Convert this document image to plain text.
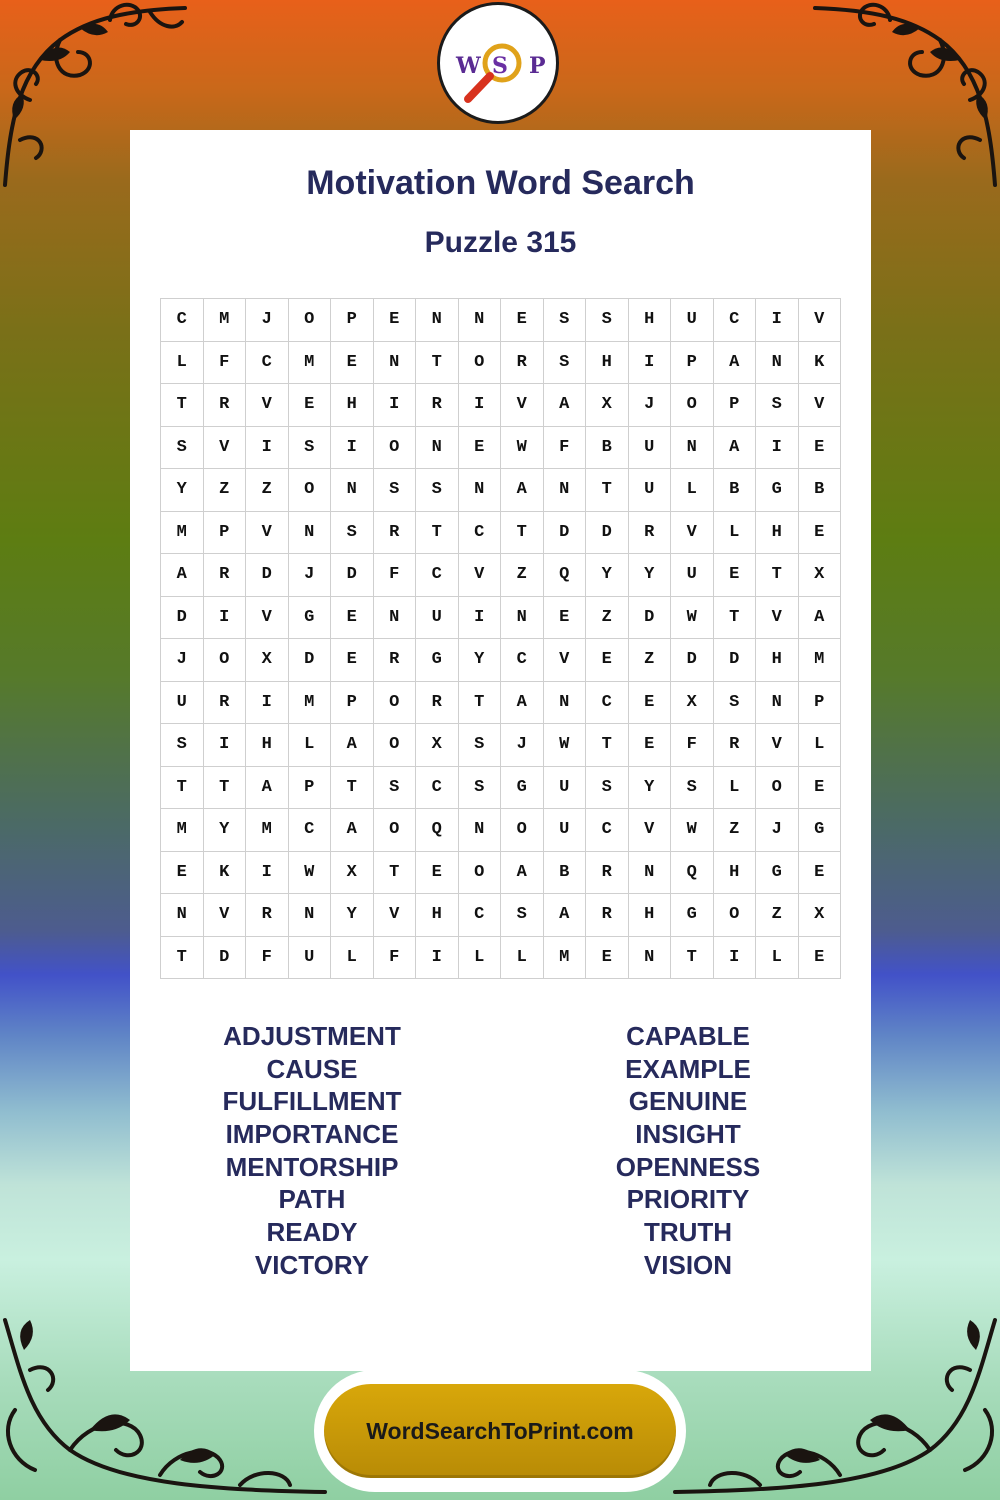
W S P
Motivation Word Search
Puzzle 315
C	M	J	O	P	E	N	N	E	S	S	H	U	C	I	V
L	F	C	M	E	N	T	O	R	S	H	I	P	A	N	K
T	R	V	E	H	I	R	I	V	A	X	J	O	P	S	V
S	V	I	S	I	O	N	E	W	F	B	U	N	A	I	E
Y	Z	Z	O	N	S	S	N	A	N	T	U	L	B	G	B
M	P	V	N	S	R	T	C	T	D	D	R	V	L	H	E
A	R	D	J	D	F	C	V	Z	Q	Y	Y	U	E	T	X
D	I	V	G	E	N	U	I	N	E	Z	D	W	T	V	A
J	O	X	D	E	R	G	Y	C	V	E	Z	D	D	H	M
U	R	I	M	P	O	R	T	A	N	C	E	X	S	N	P
S	I	H	L	A	O	X	S	J	W	T	E	F	R	V	L
T	T	A	P	T	S	C	S	G	U	S	Y	S	L	O	E
M	Y	M	C	A	O	Q	N	O	U	C	V	W	Z	J	G
E	K	I	W	X	T	E	O	A	B	R	N	Q	H	G	E
N	V	R	N	Y	V	H	C	S	A	R	H	G	O	Z	X
T	D	F	U	L	F	I	L	L	M	E	N	T	I	L	E
ADJUSTMENT
CAUSE
FULFILLMENT
IMPORTANCE
MENTORSHIP
PATH
READY
VICTORY
CAPABLE
EXAMPLE
GENUINE
INSIGHT
OPENNESS
PRIORITY
TRUTH
VISION
WordSearchToPrint.com
